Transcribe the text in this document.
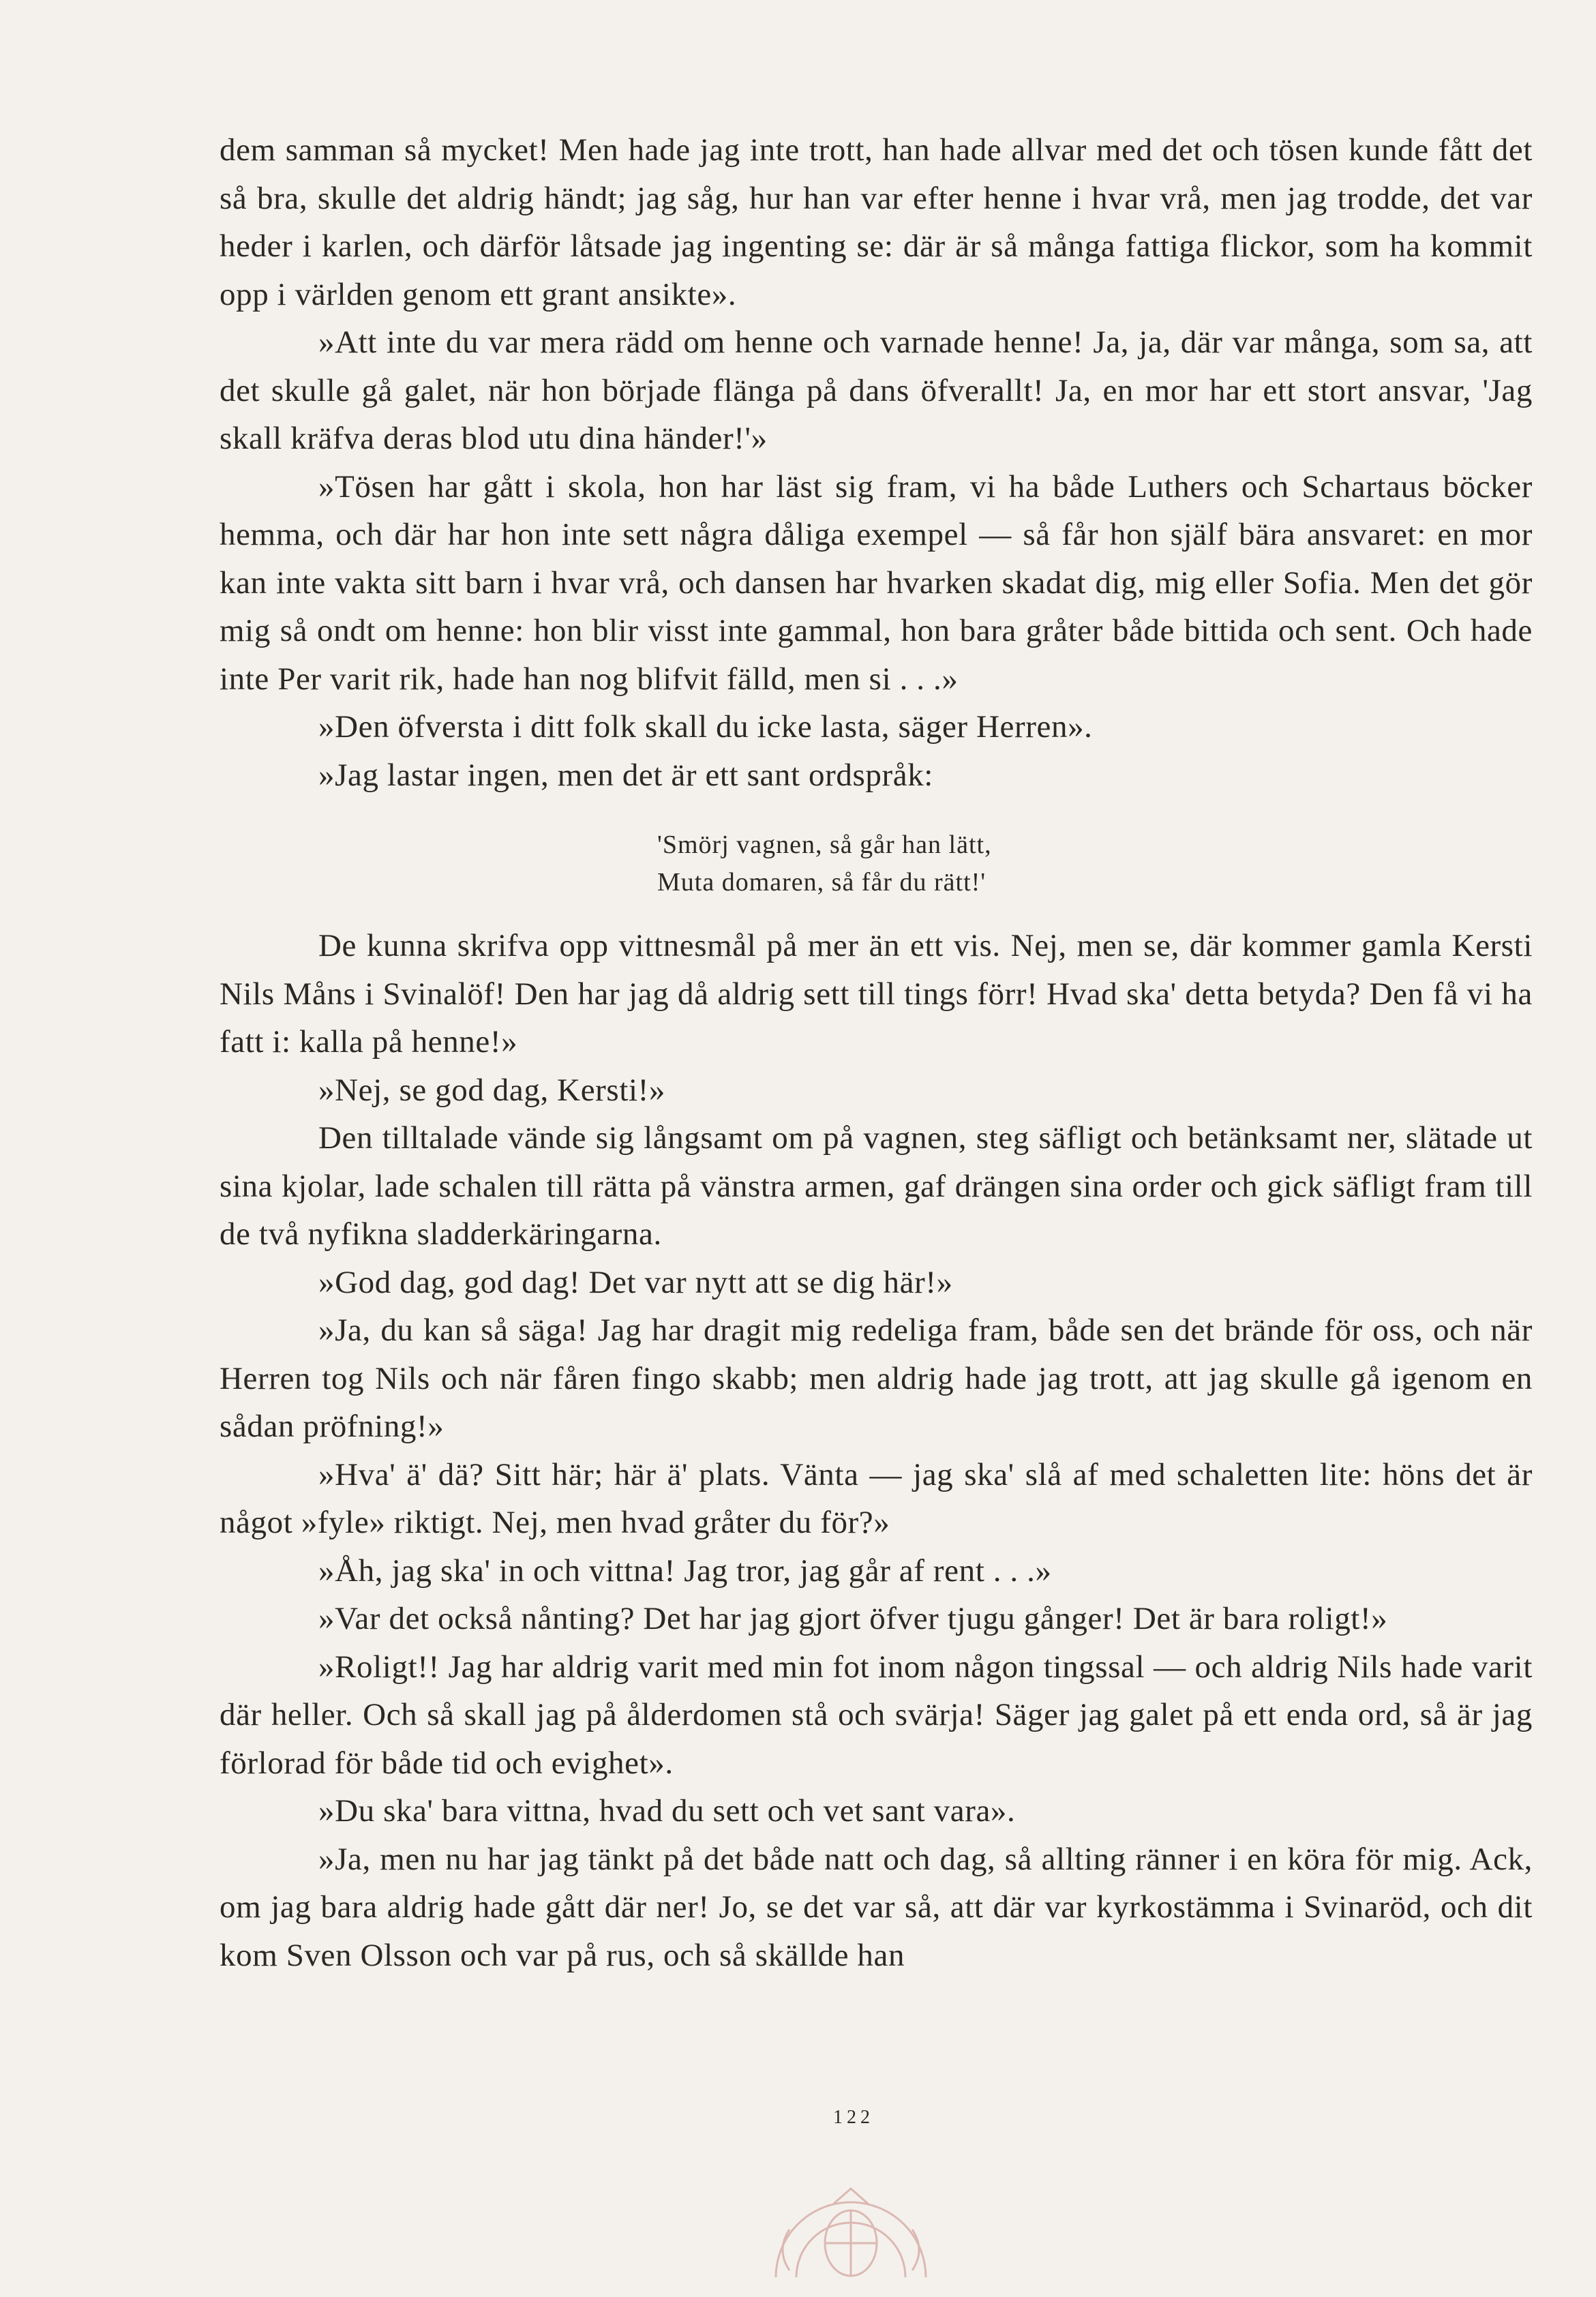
dem samman så mycket! Men hade jag inte trott, han hade allvar med det och tösen kunde fått det så bra, skulle det aldrig händt; jag såg, hur han var efter henne i hvar vrå, men jag trodde, det var heder i karlen, och därför låtsade jag ingenting se: där är så många fattiga flickor, som ha kommit opp i världen genom ett grant ansikte».

»Att inte du var mera rädd om henne och varnade henne! Ja, ja, där var många, som sa, att det skulle gå galet, när hon började flänga på dans öfverallt! Ja, en mor har ett stort ansvar, 'Jag skall kräfva deras blod utu dina händer!'»

»Tösen har gått i skola, hon har läst sig fram, vi ha både Luthers och Schartaus böcker hemma, och där har hon inte sett några dåliga exempel — så får hon själf bära ansvaret: en mor kan inte vakta sitt barn i hvar vrå, och dansen har hvarken skadat dig, mig eller Sofia. Men det gör mig så ondt om henne: hon blir visst inte gammal, hon bara gråter både bittida och sent. Och hade inte Per varit rik, hade han nog blifvit fälld, men si . . .»

»Den öfversta i ditt folk skall du icke lasta, säger Herren».

»Jag lastar ingen, men det är ett sant ordspråk:

'Smörj vagnen, så går han lätt,
Muta domaren, så får du rätt!'

De kunna skrifva opp vittnesmål på mer än ett vis. Nej, men se, där kommer gamla Kersti Nils Måns i Svinalöf! Den har jag då aldrig sett till tings förr! Hvad ska' detta betyda? Den få vi ha fatt i: kalla på henne!»

»Nej, se god dag, Kersti!»

Den tilltalade vände sig långsamt om på vagnen, steg säfligt och betänksamt ner, slätade ut sina kjolar, lade schalen till rätta på vänstra armen, gaf drängen sina order och gick säfligt fram till de två nyfikna sladderkäringarna.

»God dag, god dag! Det var nytt att se dig här!»

»Ja, du kan så säga! Jag har dragit mig redeliga fram, både sen det brände för oss, och när Herren tog Nils och när fåren fingo skabb; men aldrig hade jag trott, att jag skulle gå igenom en sådan pröfning!»

»Hva' ä' dä? Sitt här; här ä' plats. Vänta — jag ska' slå af med schaletten lite: höns det är något »fyle» riktigt. Nej, men hvad gråter du för?»

»Åh, jag ska' in och vittna! Jag tror, jag går af rent . . .»

»Var det också nånting? Det har jag gjort öfver tjugu gånger! Det är bara roligt!»

»Roligt!! Jag har aldrig varit med min fot inom någon tingssal — och aldrig Nils hade varit där heller. Och så skall jag på ålderdomen stå och svärja! Säger jag galet på ett enda ord, så är jag förlorad för både tid och evighet».

»Du ska' bara vittna, hvad du sett och vet sant vara».

»Ja, men nu har jag tänkt på det både natt och dag, så allting ränner i en köra för mig. Ack, om jag bara aldrig hade gått där ner! Jo, se det var så, att där var kyrkostämma i Svinaröd, och dit kom Sven Olsson och var på rus, och så skällde han

122
